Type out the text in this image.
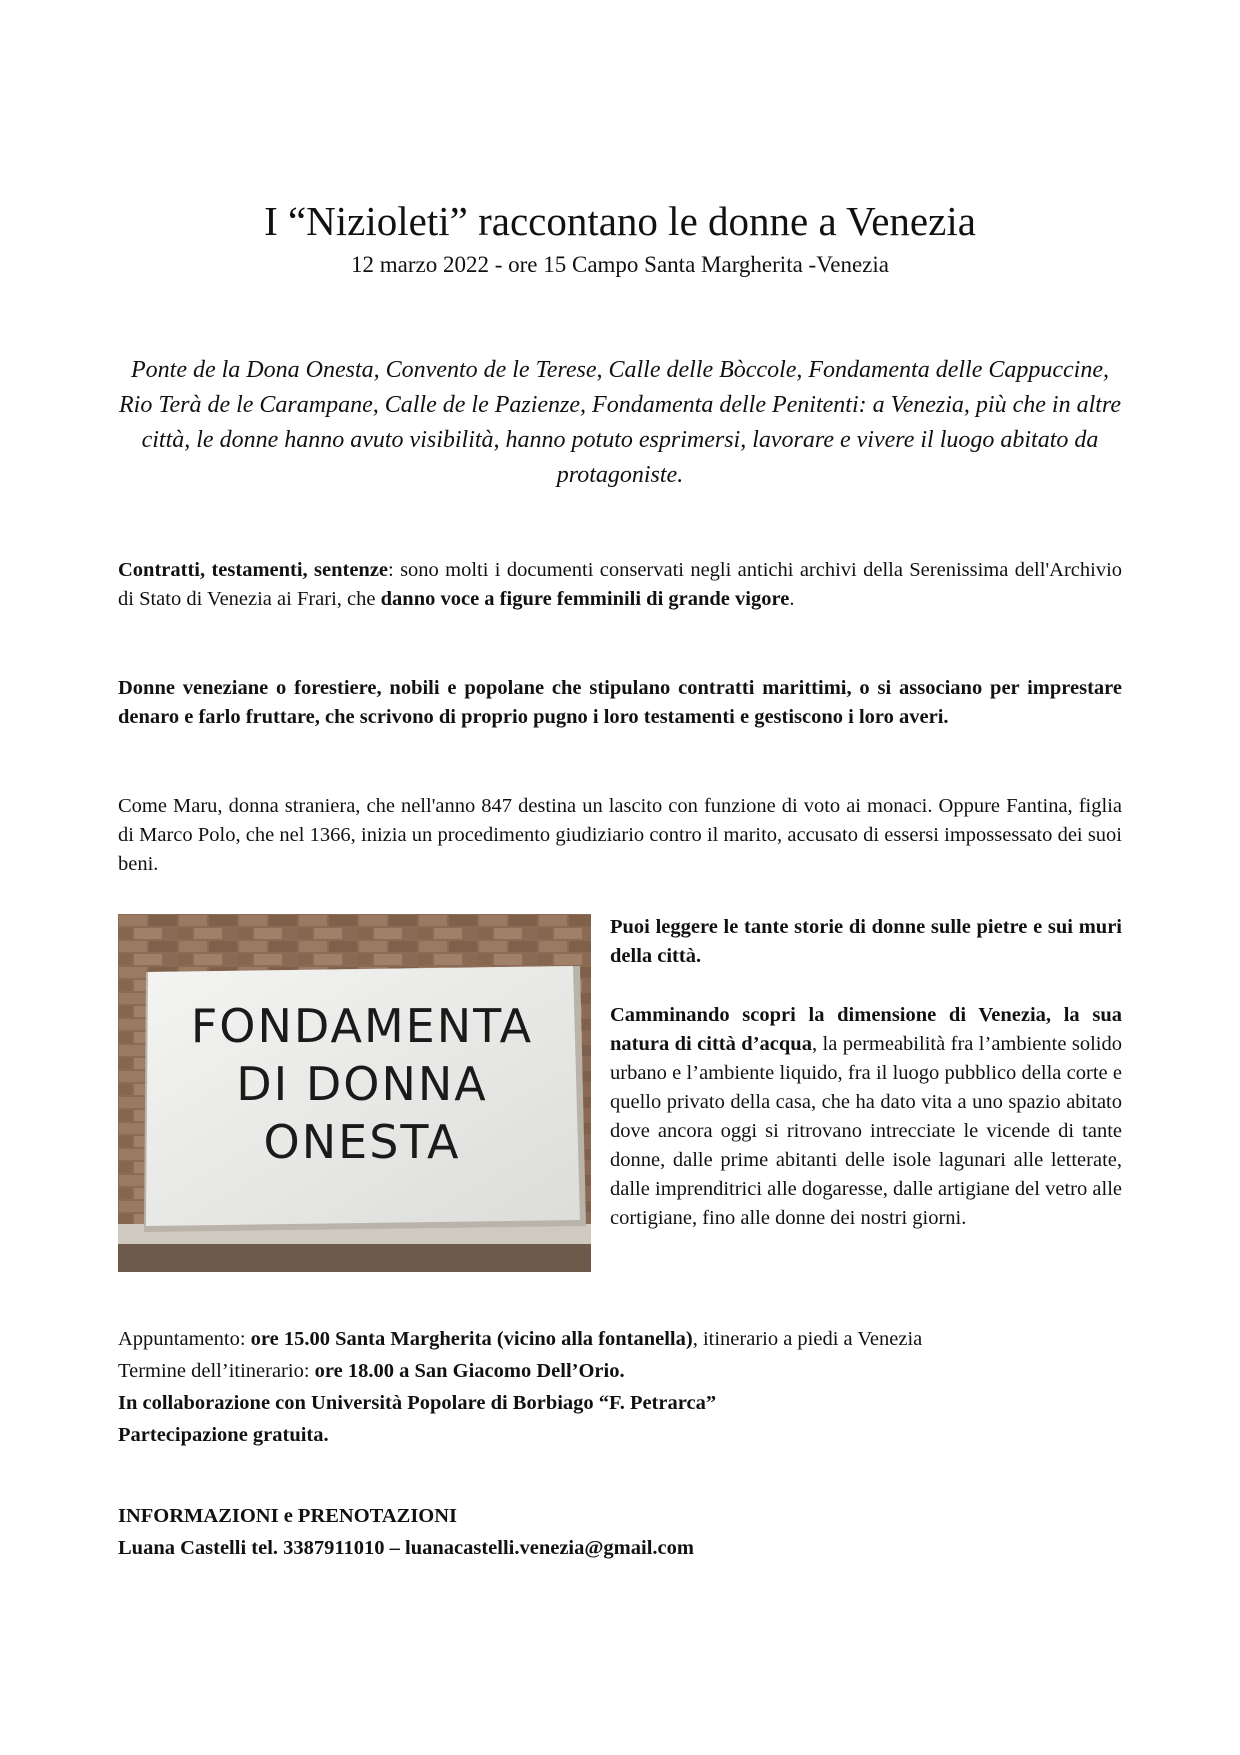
I “Nizioleti” raccontano le donne a Venezia
12 marzo 2022 - ore 15 Campo Santa Margherita -Venezia

Ponte de la Dona Onesta, Convento de le Terese, Calle delle Bòccole, Fondamenta delle Cappuccine, Rio Terà de le Carampane, Calle de le Pazienze, Fondamenta delle Penitenti: a Venezia, più che in altre città, le donne hanno avuto visibilità, hanno potuto esprimersi, lavorare e vivere il luogo abitato da protagoniste.

Contratti, testamenti, sentenze: sono molti i documenti conservati negli antichi archivi della Serenissima dell'Archivio di Stato di Venezia ai Frari, che danno voce a figure femminili di grande vigore.

Donne veneziane o forestiere, nobili e popolane che stipulano contratti marittimi, o si associano per imprestare denaro e farlo fruttare, che scrivono di proprio pugno i loro testamenti e gestiscono i loro averi.

Come Maru, donna straniera, che nell'anno 847 destina un lascito con funzione di voto ai monaci. Oppure Fantina, figlia di Marco Polo, che nel 1366, inizia un procedimento giudiziario contro il marito, accusato di essersi impossessato dei suoi beni.

FONDAMENTA
DI DONNA
ONESTA

Puoi leggere le tante storie di donne sulle pietre e sui muri della città.

Camminando scopri la dimensione di Venezia, la sua natura di città d’acqua, la permeabilità fra l’ambiente solido urbano e l’ambiente liquido, fra il luogo pubblico della corte e quello privato della casa, che ha dato vita a uno spazio abitato dove ancora oggi si ritrovano intrecciate le vicende di tante donne, dalle prime abitanti delle isole lagunari alle letterate, dalle imprenditrici alle dogaresse, dalle artigiane del vetro alle cortigiane, fino alle donne dei nostri giorni.

Appuntamento: ore 15.00 Santa Margherita (vicino alla fontanella), itinerario a piedi a Venezia
Termine dell’itinerario: ore 18.00 a San Giacomo Dell’Orio.
In collaborazione con Università Popolare di Borbiago “F. Petrarca”
Partecipazione gratuita.
INFORMAZIONI e PRENOTAZIONI
Luana Castelli tel. 3387911010 – luanacastelli.venezia@gmail.com
